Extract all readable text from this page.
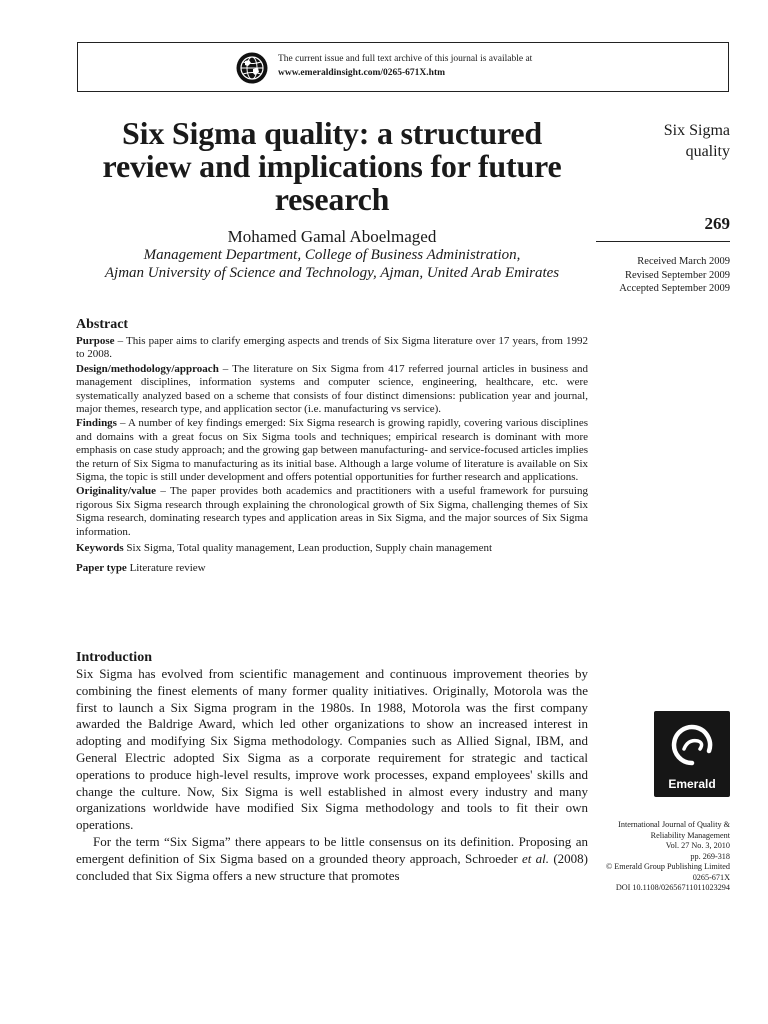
The current issue and full text archive of this journal is available at
www.emeraldinsight.com/0265-671X.htm
Six Sigma quality: a structured review and implications for future research
Mohamed Gamal Aboelmaged
Management Department, College of Business Administration,
Ajman University of Science and Technology, Ajman, United Arab Emirates
Six Sigma
quality
269
Received March 2009
Revised September 2009
Accepted September 2009
Abstract

Purpose – This paper aims to clarify emerging aspects and trends of Six Sigma literature over 17 years, from 1992 to 2008.

Design/methodology/approach – The literature on Six Sigma from 417 referred journal articles in business and management disciplines, information systems and computer science, engineering, healthcare, etc. were systematically analyzed based on a scheme that consists of four distinct dimensions: publication year and journal, major themes, research type, and application sector (i.e. manufacturing vs service).

Findings – A number of key findings emerged: Six Sigma research is growing rapidly, covering various disciplines and domains with a great focus on Six Sigma tools and techniques; empirical research is dominant with more emphasis on case study approach; and the growing gap between manufacturing- and service-focused articles implies the return of Six Sigma to manufacturing as its initial base. Although a large volume of literature is available on Six Sigma, the topic is still under development and offers potential opportunities for further research and applications.

Originality/value – The paper provides both academics and practitioners with a useful framework for pursuing rigorous Six Sigma research through explaining the chronological growth of Six Sigma, challenging themes of Six Sigma research, dominating research types and application areas in Six Sigma, and the major sources of Six Sigma information.

Keywords Six Sigma, Total quality management, Lean production, Supply chain management

Paper type Literature review

Introduction

Six Sigma has evolved from scientific management and continuous improvement theories by combining the finest elements of many former quality initiatives. Originally, Motorola was the first to launch a Six Sigma program in the 1980s. In 1988, Motorola was the first company awarded the Baldrige Award, which led other organizations to show an increased interest in adopting and modifying Six Sigma methodology. Companies such as Allied Signal, IBM, and General Electric adopted Six Sigma as a corporate requirement for strategic and tactical operations to produce high-level results, improve work processes, expand employees' skills and change the culture. Now, Six Sigma is well established in almost every industry and many organizations worldwide have modified Six Sigma methodology and tools to fit their own operations.

For the term “Six Sigma” there appears to be little consensus on its definition. Proposing an emergent definition of Six Sigma based on a grounded theory approach, Schroeder et al. (2008) concluded that Six Sigma offers a new structure that promotes

Emerald
International Journal of Quality &
Reliability Management
Vol. 27 No. 3, 2010
pp. 269-318
© Emerald Group Publishing Limited
0265-671X
DOI 10.1108/02656711011023294
